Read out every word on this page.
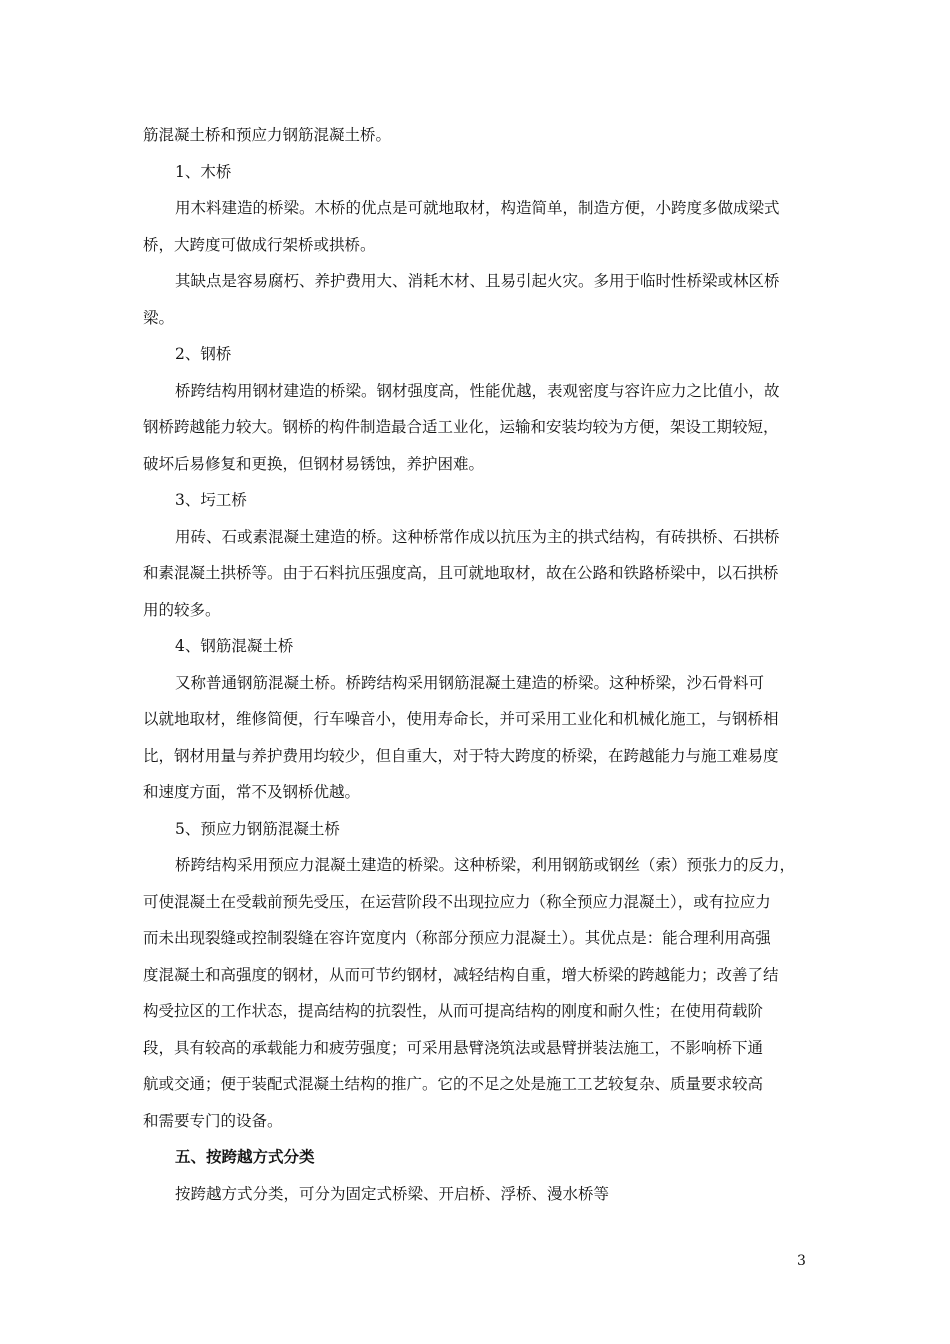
筋混凝土桥和预应力钢筋混凝土桥。
1、木桥
用木料建造的桥梁。木桥的优点是可就地取材，构造简单，制造方便，小跨度多做成梁式
桥，大跨度可做成行架桥或拱桥。
其缺点是容易腐朽、养护费用大、消耗木材、且易引起火灾。多用于临时性桥梁或林区桥
梁。
2、钢桥
桥跨结构用钢材建造的桥梁。钢材强度高，性能优越，表观密度与容许应力之比值小，故
钢桥跨越能力较大。钢桥的构件制造最合适工业化，运输和安装均较为方便，架设工期较短，
破坏后易修复和更换，但钢材易锈蚀，养护困难。
3、圬工桥
用砖、石或素混凝土建造的桥。这种桥常作成以抗压为主的拱式结构，有砖拱桥、石拱桥
和素混凝土拱桥等。由于石料抗压强度高，且可就地取材，故在公路和铁路桥梁中，以石拱桥
用的较多。
4、钢筋混凝土桥
又称普通钢筋混凝土桥。桥跨结构采用钢筋混凝土建造的桥梁。这种桥梁，沙石骨料可
以就地取材，维修简便，行车噪音小，使用寿命长，并可采用工业化和机械化施工，与钢桥相
比，钢材用量与养护费用均较少，但自重大，对于特大跨度的桥梁，在跨越能力与施工难易度
和速度方面，常不及钢桥优越。
5、预应力钢筋混凝土桥
桥跨结构采用预应力混凝土建造的桥梁。这种桥梁，利用钢筋或钢丝（索）预张力的反力，
可使混凝土在受载前预先受压，在运营阶段不出现拉应力（称全预应力混凝土），或有拉应力
而未出现裂缝或控制裂缝在容许宽度内（称部分预应力混凝土）。其优点是：能合理利用高强
度混凝土和高强度的钢材，从而可节约钢材，减轻结构自重，增大桥梁的跨越能力；改善了结
构受拉区的工作状态，提高结构的抗裂性，从而可提高结构的刚度和耐久性；在使用荷载阶
段，具有较高的承载能力和疲劳强度；可采用悬臂浇筑法或悬臂拼装法施工，不影响桥下通
航或交通；便于装配式混凝土结构的推广。它的不足之处是施工工艺较复杂、质量要求较高
和需要专门的设备。
五、按跨越方式分类
按跨越方式分类，可分为固定式桥梁、开启桥、浮桥、漫水桥等
3
